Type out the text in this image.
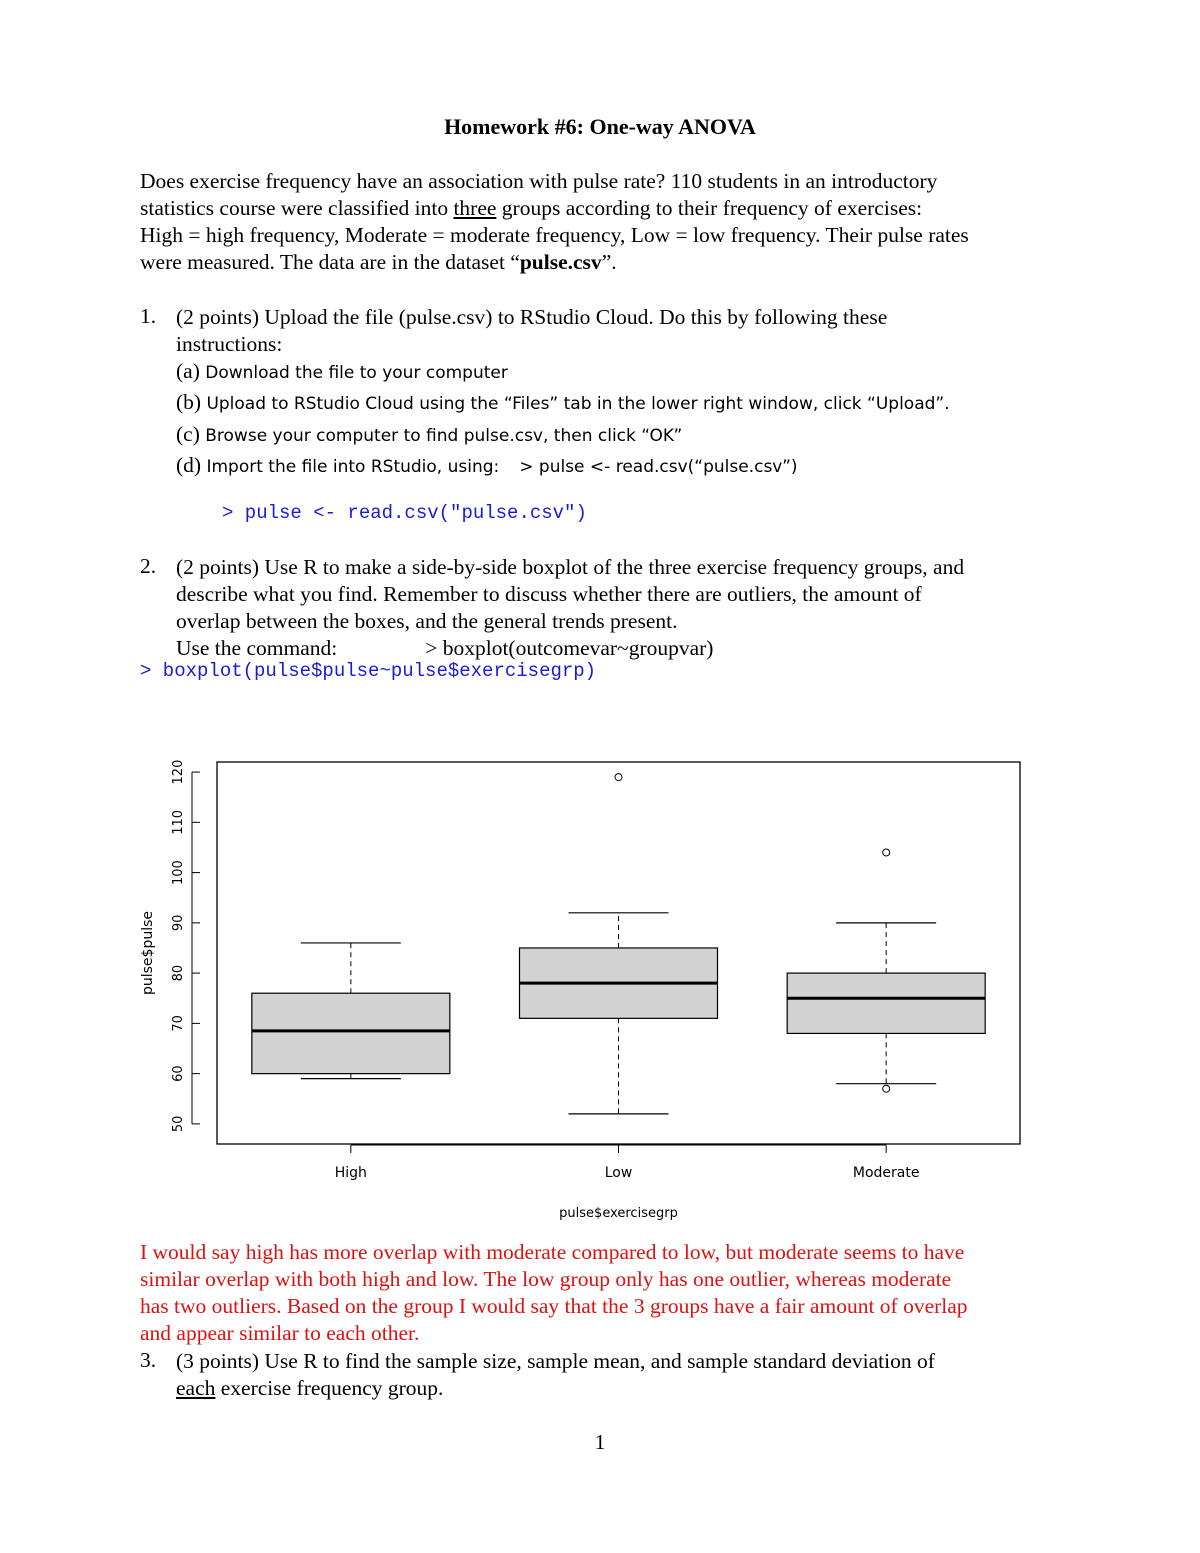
Homework #6: One-way ANOVA
Does exercise frequency have an association with pulse rate? 110 students in an introductory
statistics course were classified into three groups according to their frequency of exercises:
High = high frequency, Moderate = moderate frequency, Low = low frequency. Their pulse rates
were measured. The data are in the dataset “pulse.csv”.
1. (2 points) Upload the file (pulse.csv) to RStudio Cloud. Do this by following these
instructions:
(a) Download the file to your computer
(b) Upload to RStudio Cloud using the “Files” tab in the lower right window, click “Upload”.
(c) Browse your computer to find pulse.csv, then click “OK”
(d) Import the file into RStudio, using: > pulse <- read.csv(“pulse.csv”)
> pulse <- read.csv("pulse.csv")
2. (2 points) Use R to make a side-by-side boxplot of the three exercise frequency groups, and
describe what you find. Remember to discuss whether there are outliers, the amount of
overlap between the boxes, and the general trends present.
Use the command:	> boxplot(outcomevar~groupvar)
> boxplot(pulse$pulse~pulse$exercisegrp)
50
60
70
80
90
100
110
120
pulse$pulse
High	Low	Moderate
pulse$exercisegrp
I would say high has more overlap with moderate compared to low, but moderate seems to have
similar overlap with both high and low. The low group only has one outlier, whereas moderate
has two outliers. Based on the group I would say that the 3 groups have a fair amount of overlap
and appear similar to each other.
3. (3 points) Use R to find the sample size, sample mean, and sample standard deviation of
each exercise frequency group.
1
